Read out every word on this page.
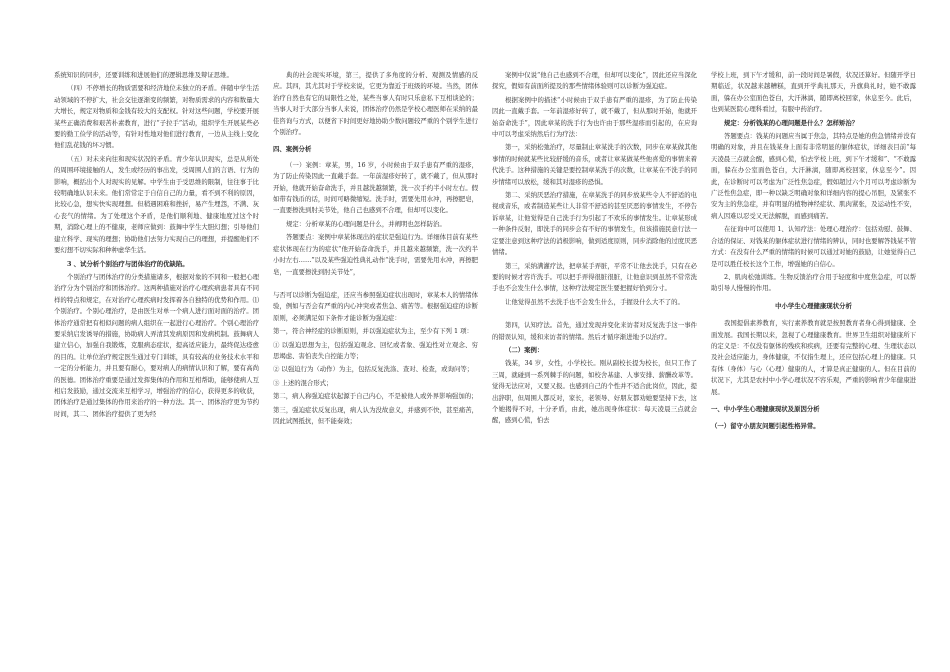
系统知识的同步，还要训练和进展他们的逻辑思维及辩证思维。

（四）不停增长的物质需要和经济地位未独立的矛盾。伴随中学生活动领域的不停扩大，社会交往逐渐变的频繁，对物质需求的内容和数量大大增长，规定对物质和金钱有较大的支配权。针对这些问题，学校要开展某些正确消费和艰苦朴素教育，进行“子拉手”活动，组织学生开展某些必要的勤工俭学的活动等，有针对性地对他们进行教育，一边从主线上变化他们乱花钱的坏习惯。

（五）对未来向往和现实状况的矛盾。青少年认识现实，总是从所处的周围环境接触的人，发生或经历的事出发，受周围人们的言语、行为的影响，概括出个人对现实的见解。中学生由于受思维的限制，往往事于比较明确地认识未来。他们常常定于自信自己的力量，看不到不利的原因，比较心急，想实快实现理想。但稍遇困难和挫折，易产生埋怨，不满、灰心丧气的情绪。为了处理这个矛盾，是他们顺利地、健康地度过这个时期，消除心理上的不健康，老师应做到：鼓舞中学生大胆幻想；引导他们建立科学、现实的理想；协助他们去努力实现自己的理想，并提醒他们不要幻想不切实际和种种虚华生活。

3 、试分析个别治疗与团体治疗的优缺陷。

个别治疗与团体治疗的分类措施诸多，根据对象的不同和一般把心理治疗分为个别治疗和团体治疗。这两种措施对治疗心理疾病患者具有不同样的特点和规定，在对治疗心理疾病时发挥着各自独特的优势和作用。⑴个别治疗。个别心理治疗，是由医生对单一个病人进行面对面的治疗。团体治疗通常把有相似问题的病人组织在一起进行心理治疗。个别心理治疗要采纳启发诱导的措施，协助病人弄清其发病原因和发病机制。鼓舞病人建立信心，加强自我锻炼，克服病态症状，提高适应能力，最终促达痊愈的目的。让单位治疗规定医生通过专门训练，具有较高的业务技术水平和一定的分析能力，并且要有耐心，要对病人的病情认识和了解，要有高尚的医德。团体治疗重要是通过发挥集体的作用和互相帮助，能够使病人互相启发鼓励，通过交流来互相学习，增强治疗的信心，获得更多的收获，团体治疗是通过集体的作用来治疗的一种方法。其一、团体治疗更为节约时间，其二、团体治疗提供了更为经

典的社会现实环境，第三，提供了多角度的分析、观测及情感的反应。其四，其尤其对于学校来说，它更为靠近于班级的环境。当然，团体治疗自然也有它的局限性之处，某些当事人有时只乐意私下互相谈论的；当事人对于大部分当事人来说，团体治疗仍然是学校心理医师在采纳的最佳咨询与方式，以便省下时间更好地协助少数问题较严重的个别学生进行个别治疗。

四、案例分析

（一）案例：章某，男，16 岁，小时候由于双手患有严重的湿疹，为了防止传染因此一直戴手套。一年前湿疹好转了，就不戴了，但从那时开始，他就开始奋命洗手，并且越洗越频繁，洗一次手约半小时左右。假如带有钱币的话，时间可略微缩短。洗手时，需要先用水冲，再擦肥皂，一直要擦洗到肘关节处，他自己也感到不合理，但却可以变化。

规定：分析章某的心理问题是什么，并阐明也怎样防治。

答题要点：案例中章某体现出的症状是强迫行为。详细体目前有某些症状体现在行为的症状“他开始奋命洗手，并且越来越频繁，洗一次约半小时左右……”以及某些强迫性典礼动作“洗手时，需要先用水冲，再擦肥皂，一直要擦洗到肘关节处”，

与否可以诊断为强迫症，还应当参照强迫症状出现时，章某本人的情绪体验，例如与否会有严重的内心冲突或者焦急、痛苦等。根据强迫症的诊断原则，必须满足如下条件才能诊断为强迫症：

第一，符合神经症的诊断原则，并以强迫症状为主，至少有下列 1 项：

① 以强迫思想为主，包括强迫观念、回忆或者象、强迫性对立观念、穷思竭虑、害怕丧失自控能力等；

② 以强迫行为（动作）为主，包括反复洗涤、查对、检查，或询问等；

③ 上述的混合形式；

第二，病人称强迫症状起源于自己内心，不是被他人或外界影响强加的；

第三，强迫症状反复出现，病人认为没故意义，并感到不快，甚至痛苦，因此试图抵抗，但不能奏效；

案例中仅说“他自己也感到不合理，但却可以变化”，因此还应当深化探究，假如有前面所提及的那些情绪体验则可以诊断为强迫症。

根据案例中的描述“小时候由于双手患有严重的湿疹，为了防止传染因此一直戴手套。一年前湿疹好转了，就不戴了，但从那时开始，他就开始奋命洗手”，因此章某的洗手行为也许由于那些湿疹而引起的，在应询中可以考虑采纳然后行为疗法：

第一，采纳松弛治疗，尽量制止章某洗手的次数，同步在章某做其他事情的时候就某些比较舒缓的音乐，或者让章某做某些他喜爱的事情来着代洗手。这种措施的关键是要控制章某洗手的次数，让章某在不洗手的同步情绪可以放松，缓和其对湿疹的恐惧。

第二、采纳厌恶治疗措施，在章某洗手的同步放某些令人不舒适的电视或音乐，或者制造某些让人非常不舒适的甚至厌恶的事情发生，不停告诉章某，让他觉得是自己洗手行为引起了不欢乐的事情发生。让章某形成一种条件反射，即洗手的同步会有不好的事情发生，但该措施民意行法一定要注意到这种疗法的消极影响，做到适度原则，同步消除他的过度厌恶情绪。

第三，采纳满灌疗法，把章某手弄脏，平常不让他去洗手，只有在必要的时候才容许洗手。可以把手弄得很脏很脏，让他意识到虽然不常常洗手也不会发生什么事情，这种疗法规定医生要把握好恰到分寸。

让他觉得虽然不去洗手也不会发生什么，手握设什么大不了的。

第四，认知疗法。首先，通过发现并变化来访者对反复洗手这一事件的错误认知，缓和来访者的情绪。然后才循序渐进地予以治疗。

（二）案例：

钱某，34 岁，女性，小学校长。刚从副校长提为校长，但只工作了三周，就碰到一系列棘手的问题，如校舍基建、人事安排、薪酬改革等。觉得无法应对，又要又报。也感到自己的个性并不适合此岗位，因此，提出辞职，但周围人都反对，家长，老领导、好朋友都劝她要坚持下去，这个她揭得不对，十分矛盾，由此，她出现身体症状：每天凌晨三点就会醒，感到心慌，怕去

学校上班，到下午才缓和，前一段时间是暑假，状况还算好。但随开学日期临近，状况越来越糟糕，直到开学典礼那天，升旗典礼时，她不敢露面，躲在办公室面色苍白，大汗淋漓，随即离校回家，休息至今。此后，也到某医院心理科看过，有服中药治疗。

规定：分析钱某的心理问题是什么？怎样矫治？

答题要点：钱某的问题应当属于焦急，其特点是她的焦急情绪并没有明确的对象，并且在钱某身上面有非常明显的躯体症状，详细表目前“每天凌晨三点就会醒，感到心慌，怕去学校上班，到下午才缓和”、“不敢露面，躲在办公室面色苍白，大汗淋漓，随即离校回家，休息至今”。因此，在诊断时可以考虑为广泛性焦急症，假如超过六个月可以考虑诊断为广泛性焦急症，即一种以缺乏明确对象和详细内容的提心吊胆，及紧张不安为主的焦急症，并有明显的植物神经症状、肌肉紧张，及运动性不安，病人因难以忍受又无法解脱，而感到痛苦。

在征询中可以使用 1、认知疗法：处理心理治疗：包括劝慰、鼓舞、合适的保证、对钱某的躯体症状进行情绪的辨认，同时也要解答钱某不管方式：在没有什么严重的情绪的时候可以通过对她的鼓励，让她觉得自己是可以胜任校长这个工作，增强她的自信心。

2、肌肉松弛训练。生物反馈治疗合用于轻度和中度焦急症，可以帮助引导人慢慢的作用。

中小学生心理健康现状分析

我国提倡素养教育，实行素养教育就是按照教育者身心得到健康、全面发展。我国长期以来，忽视了心理健康教育。世界卫生组织对健康所下的定义是：不仅没有躯体的残疾和疾病，还要有完整的心理、生理状态以及社会适应能力，身体健康，不仅指生理上，还应包括心理上的健康。只有体（身体）与心（心理）健康的人，才算是真正健康的人。但在目前的状况下，尤其是农村中小学心理状况不容乐观，严重的影响青少年健康进展。

一、中小学生心理健康现状及原因分析

（一）留守小朋友问题引起性格异常。
